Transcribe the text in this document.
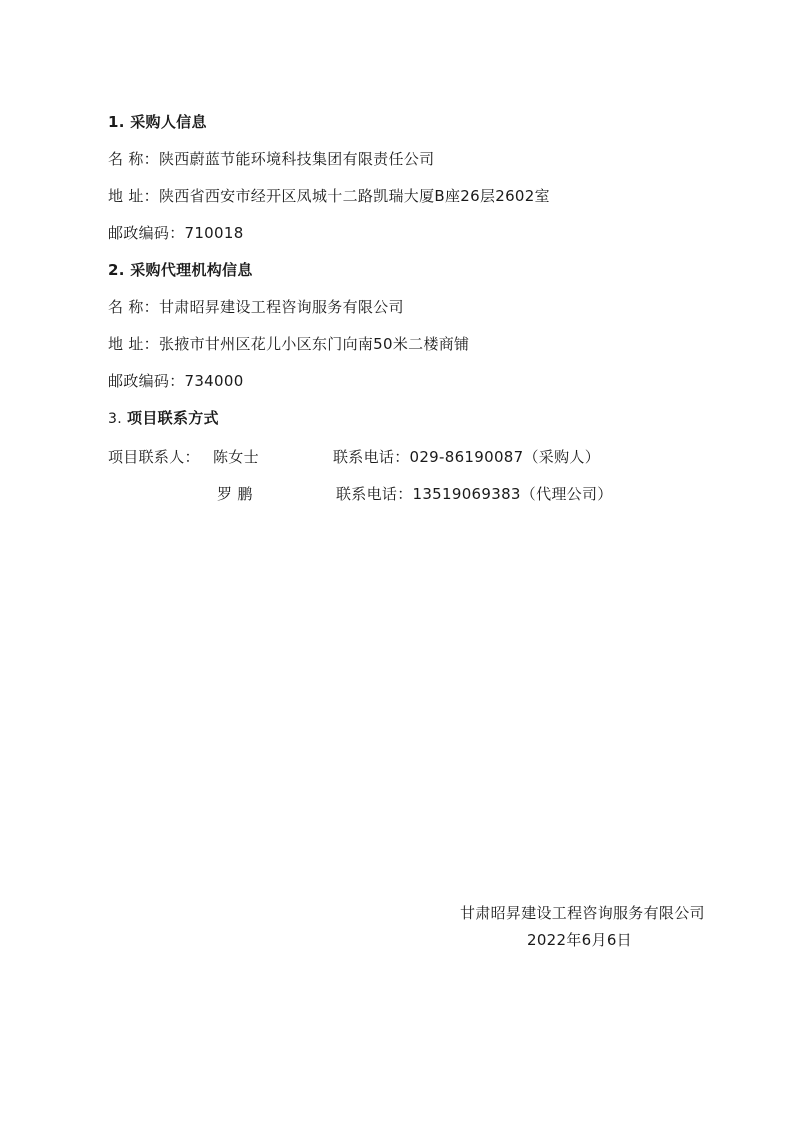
1. 采购人信息
名 称：陕西蔚蓝节能环境科技集团有限责任公司
地 址：陕西省西安市经开区凤城十二路凯瑞大厦B座26层2602室
邮政编码：710018
2. 采购代理机构信息
名 称：甘肃昭昇建设工程咨询服务有限公司
地 址：张掖市甘州区花儿小区东门向南50米二楼商铺
邮政编码：734000
3. 项目联系方式
项目联系人： 陈女士	联系电话：029-86190087（采购人）
罗 鹏	联系电话：13519069383（代理公司）
甘肃昭昇建设工程咨询服务有限公司
2022年6月6日
